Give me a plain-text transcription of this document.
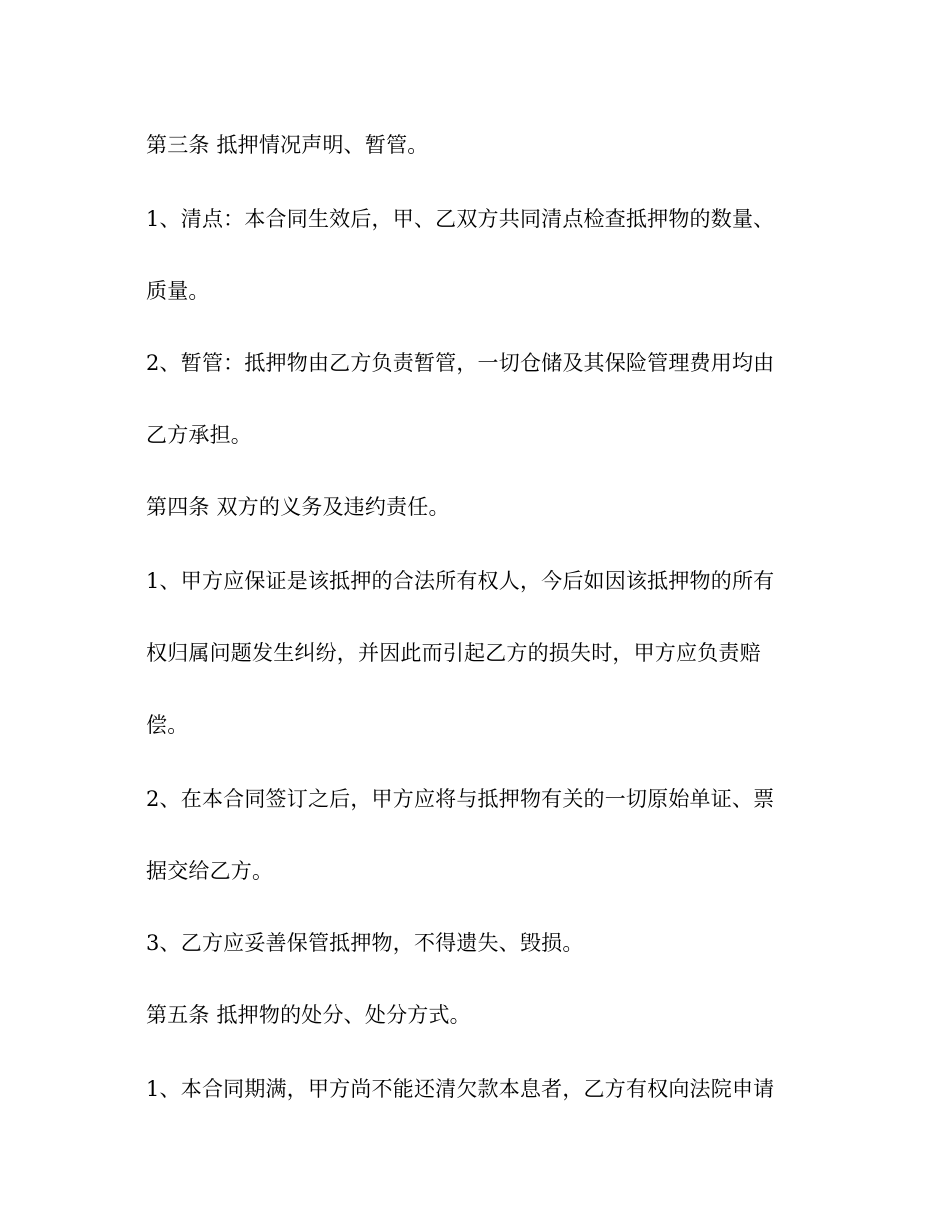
第三条 抵押情况声明、暂管。
1、清点：本合同生效后，甲、乙双方共同清点检查抵押物的数量、
质量。
2、暂管：抵押物由乙方负责暂管，一切仓储及其保险管理费用均由
乙方承担。
第四条 双方的义务及违约责任。
1、甲方应保证是该抵押的合法所有权人，今后如因该抵押物的所有
权归属问题发生纠纷，并因此而引起乙方的损失时，甲方应负责赔
偿。
2、在本合同签订之后，甲方应将与抵押物有关的一切原始单证、票
据交给乙方。
3、乙方应妥善保管抵押物，不得遗失、毁损。
第五条 抵押物的处分、处分方式。
1、本合同期满，甲方尚不能还清欠款本息者，乙方有权向法院申请
